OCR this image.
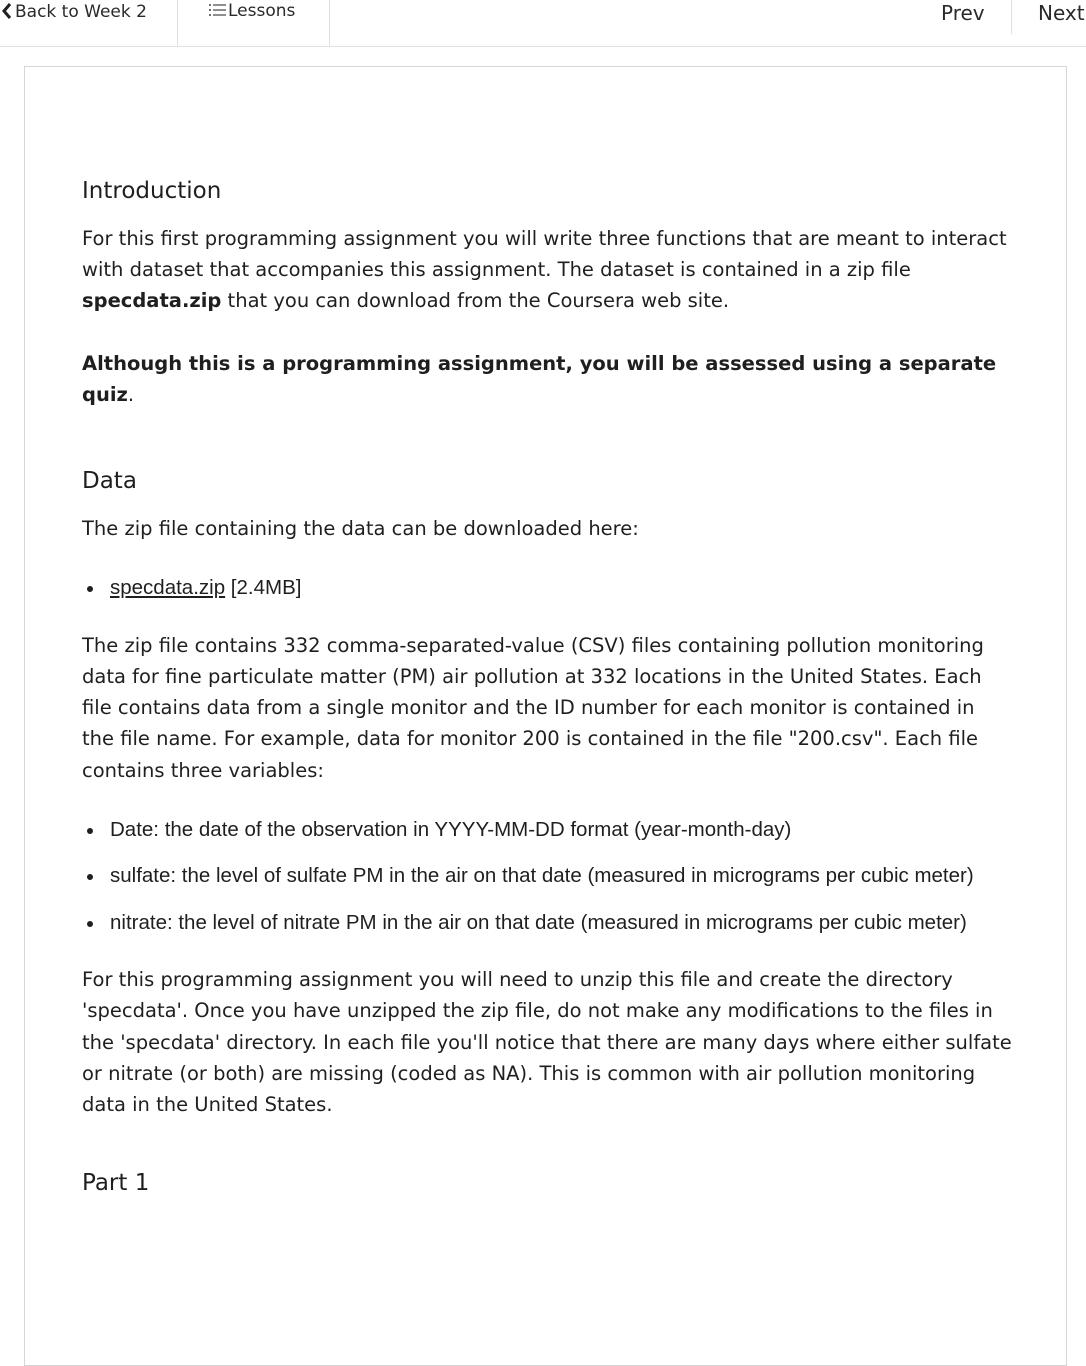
Back to Week 2	Lessons	Prev	Next
Introduction

For this first programming assignment you will write three functions that are meant to interact with dataset that accompanies this assignment. The dataset is contained in a zip file specdata.zip that you can download from the Coursera web site.

Although this is a programming assignment, you will be assessed using a separate quiz.

Data

The zip file containing the data can be downloaded here:

specdata.zip [2.4MB]

The zip file contains 332 comma-separated-value (CSV) files containing pollution monitoring data for fine particulate matter (PM) air pollution at 332 locations in the United States. Each file contains data from a single monitor and the ID number for each monitor is contained in the file name. For example, data for monitor 200 is contained in the file "200.csv". Each file contains three variables:

Date: the date of the observation in YYYY-MM-DD format (year-month-day)
sulfate: the level of sulfate PM in the air on that date (measured in micrograms per cubic meter)
nitrate: the level of nitrate PM in the air on that date (measured in micrograms per cubic meter)

For this programming assignment you will need to unzip this file and create the directory 'specdata'. Once you have unzipped the zip file, do not make any modifications to the files in the 'specdata' directory. In each file you'll notice that there are many days where either sulfate or nitrate (or both) are missing (coded as NA). This is common with air pollution monitoring data in the United States.

Part 1
